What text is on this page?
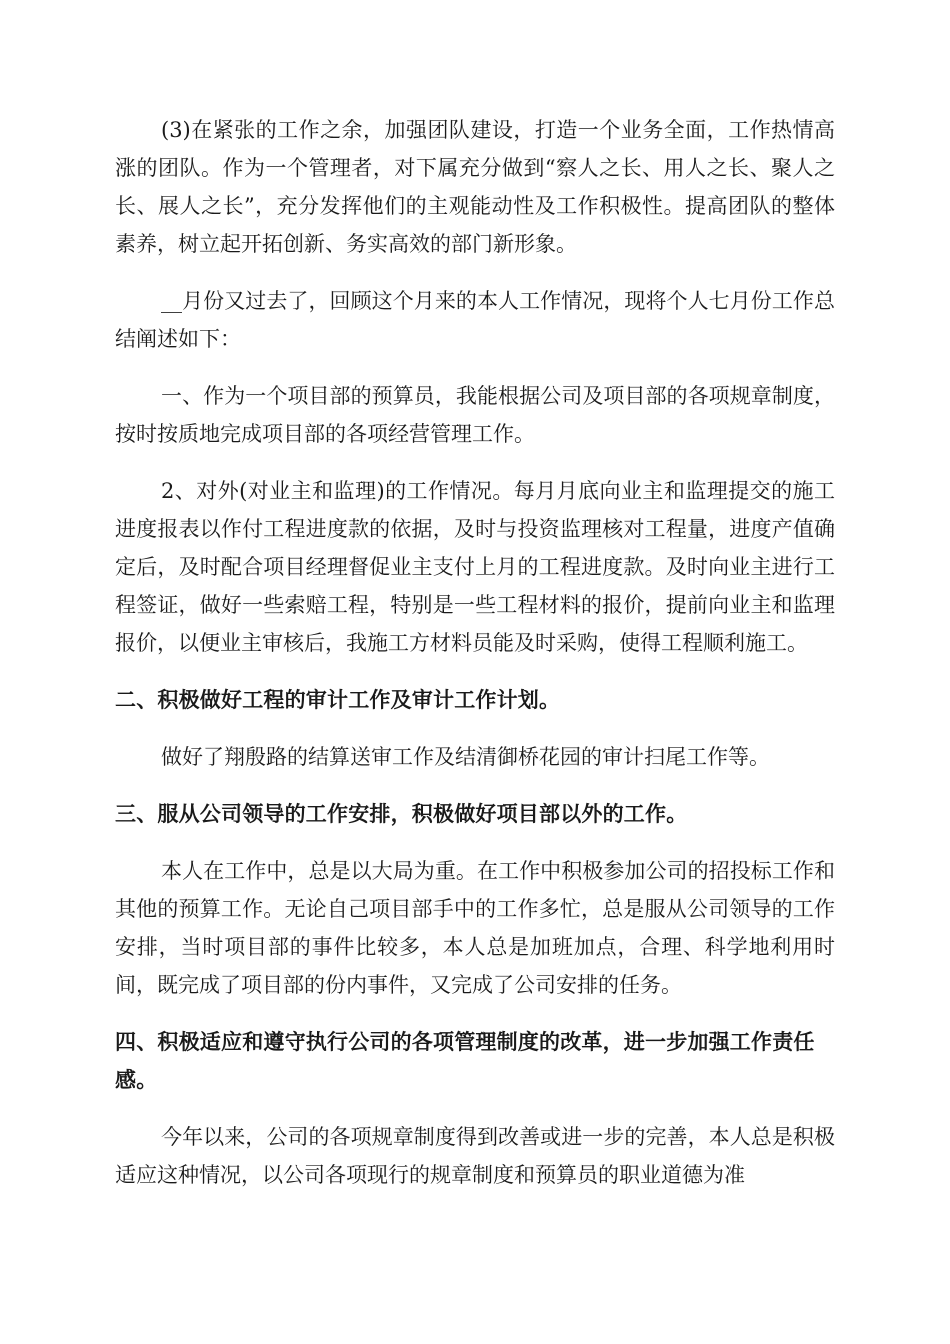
(3)在紧张的工作之余，加强团队建设，打造一个业务全面，工作热情高涨的团队。作为一个管理者，对下属充分做到“察人之长、用人之长、聚人之长、展人之长”，充分发挥他们的主观能动性及工作积极性。提高团队的整体素养，树立起开拓创新、务实高效的部门新形象。

__月份又过去了，回顾这个月来的本人工作情况，现将个人七月份工作总结阐述如下：

一、作为一个项目部的预算员，我能根据公司及项目部的各项规章制度，按时按质地完成项目部的各项经营管理工作。

2、对外(对业主和监理)的工作情况。每月月底向业主和监理提交的施工进度报表以作付工程进度款的依据，及时与投资监理核对工程量，进度产值确定后，及时配合项目经理督促业主支付上月的工程进度款。及时向业主进行工程签证，做好一些索赔工程，特别是一些工程材料的报价，提前向业主和监理报价，以便业主审核后，我施工方材料员能及时采购，使得工程顺利施工。

二、积极做好工程的审计工作及审计工作计划。

做好了翔殷路的结算送审工作及结清御桥花园的审计扫尾工作等。

三、服从公司领导的工作安排，积极做好项目部以外的工作。

本人在工作中，总是以大局为重。在工作中积极参加公司的招投标工作和其他的预算工作。无论自己项目部手中的工作多忙，总是服从公司领导的工作安排，当时项目部的事件比较多，本人总是加班加点，合理、科学地利用时间，既完成了项目部的份内事件，又完成了公司安排的任务。

四、积极适应和遵守执行公司的各项管理制度的改革，进一步加强工作责任感。

今年以来，公司的各项规章制度得到改善或进一步的完善，本人总是积极适应这种情况，以公司各项现行的规章制度和预算员的职业道德为准
